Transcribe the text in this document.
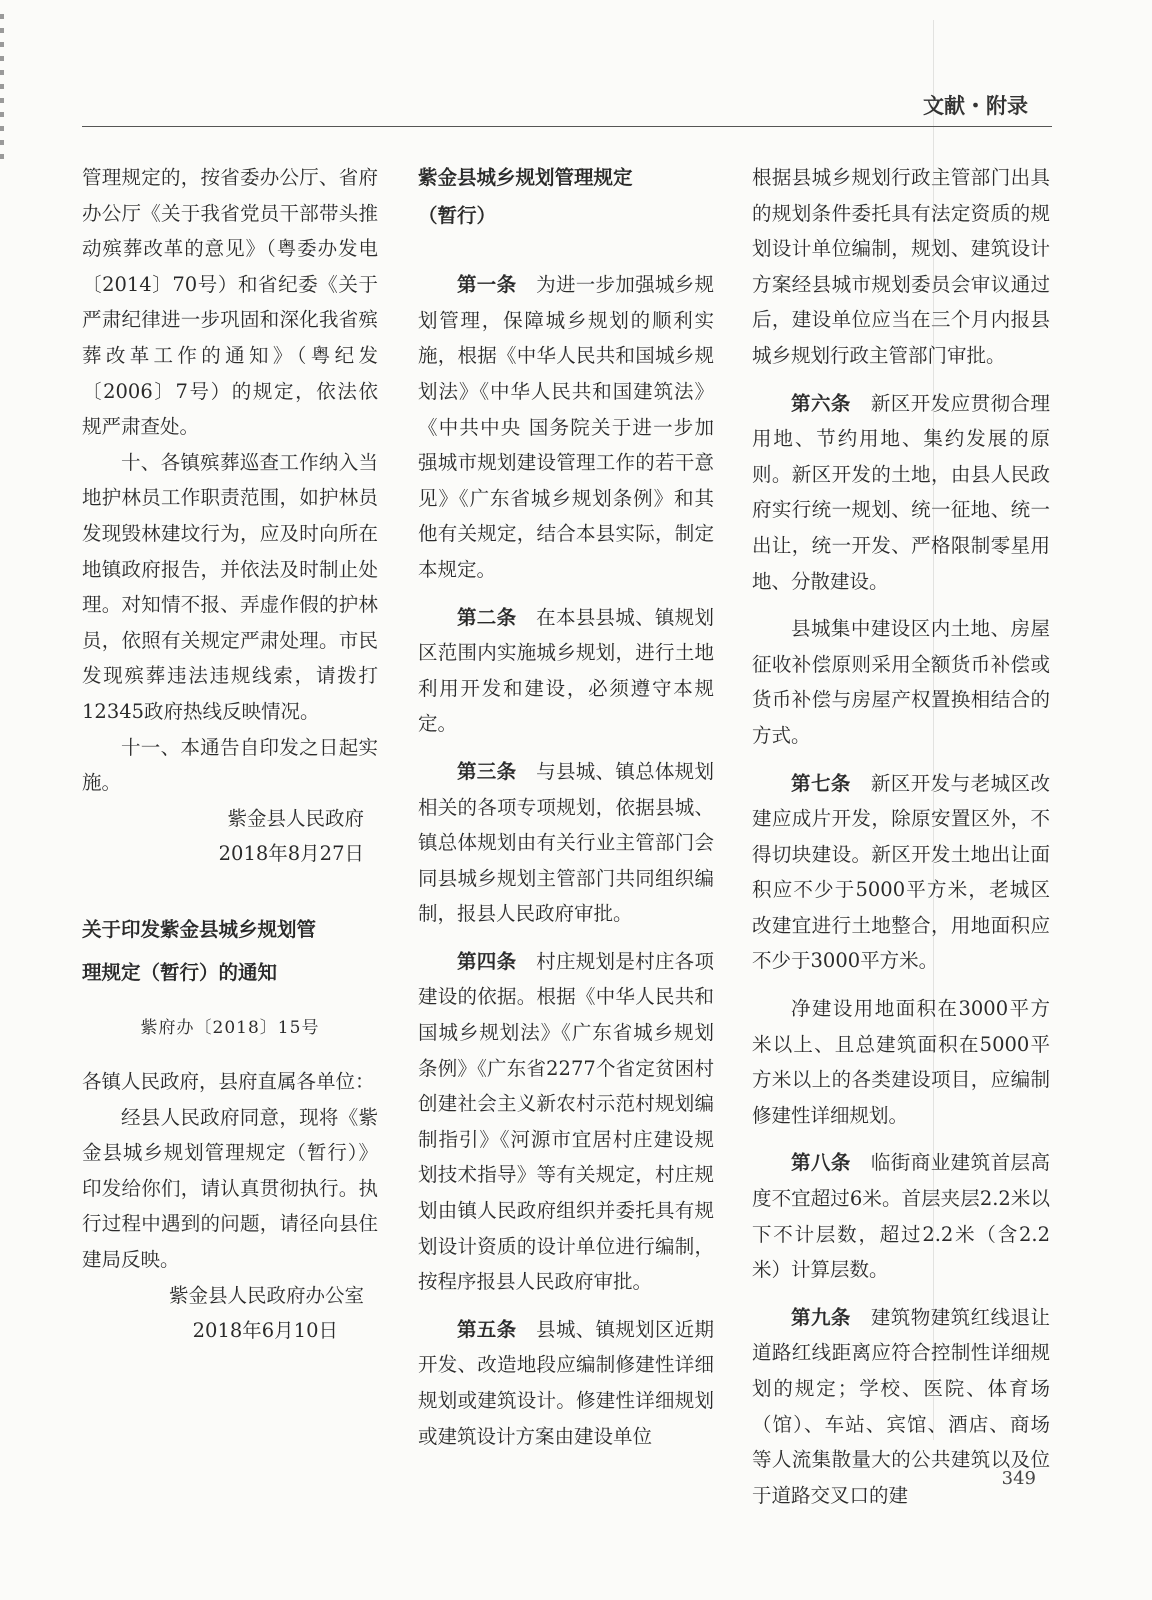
文献・附录

管理规定的，按省委办公厅、省府办公厅《关于我省党员干部带头推动殡葬改革的意见》（粤委办发电〔2014〕70号）和省纪委《关于严肃纪律进一步巩固和深化我省殡葬改革工作的通知》（粤纪发〔2006〕7号）的规定，依法依规严肃查处。

十、各镇殡葬巡查工作纳入当地护林员工作职责范围，如护林员发现毁林建坟行为，应及时向所在地镇政府报告，并依法及时制止处理。对知情不报、弄虚作假的护林员，依照有关规定严肃处理。市民发现殡葬违法违规线索，请拨打12345政府热线反映情况。

十一、本通告自印发之日起实施。

紫金县人民政府

2018年8月27日

关于印发紫金县城乡规划管

理规定（暂行）的通知

紫府办〔2018〕15号

各镇人民政府，县府直属各单位：

经县人民政府同意，现将《紫金县城乡规划管理规定（暂行）》印发给你们，请认真贯彻执行。执行过程中遇到的问题，请径向县住建局反映。

紫金县人民政府办公室

2018年6月10日

紫金县城乡规划管理规定

（暂行）

第一条　 为进一步加强城乡规划管理，保障城乡规划的顺利实施，根据《中华人民共和国城乡规划法》《中华人民共和国建筑法》《中共中央 国务院关于进一步加强城市规划建设管理工作的若干意见》《广东省城乡规划条例》和其他有关规定，结合本县实际，制定本规定。

第二条　 在本县县城、镇规划区范围内实施城乡规划，进行土地利用开发和建设，必须遵守本规定。

第三条　 与县城、镇总体规划相关的各项专项规划，依据县城、镇总体规划由有关行业主管部门会同县城乡规划主管部门共同组织编制，报县人民政府审批。

第四条　 村庄规划是村庄各项建设的依据。根据《中华人民共和国城乡规划法》《广东省城乡规划条例》《广东省2277个省定贫困村创建社会主义新农村示范村规划编制指引》《河源市宜居村庄建设规划技术指导》等有关规定，村庄规划由镇人民政府组织并委托具有规划设计资质的设计单位进行编制，按程序报县人民政府审批。

第五条　 县城、镇规划区近期开发、改造地段应编制修建性详细规划或建筑设计。修建性详细规划或建筑设计方案由建设单位

根据县城乡规划行政主管部门出具的规划条件委托具有法定资质的规划设计单位编制，规划、建筑设计方案经县城市规划委员会审议通过后，建设单位应当在三个月内报县城乡规划行政主管部门审批。

第六条　 新区开发应贯彻合理用地、节约用地、集约发展的原则。新区开发的土地，由县人民政府实行统一规划、统一征地、统一出让，统一开发、严格限制零星用地、分散建设。

县城集中建设区内土地、房屋征收补偿原则采用全额货币补偿或货币补偿与房屋产权置换相结合的方式。

第七条　 新区开发与老城区改建应成片开发，除原安置区外，不得切块建设。新区开发土地出让面积应不少于5000平方米，老城区改建宜进行土地整合，用地面积应不少于3000平方米。

净建设用地面积在3000平方米以上、且总建筑面积在5000平方米以上的各类建设项目，应编制修建性详细规划。

第八条　 临街商业建筑首层高度不宜超过6米。首层夹层2.2米以下不计层数，超过2.2米（含2.2米）计算层数。

第九条　 建筑物建筑红线退让道路红线距离应符合控制性详细规划的规定；学校、医院、体育场（馆）、车站、宾馆、酒店、商场等人流集散量大的公共建筑以及位于道路交叉口的建

349
